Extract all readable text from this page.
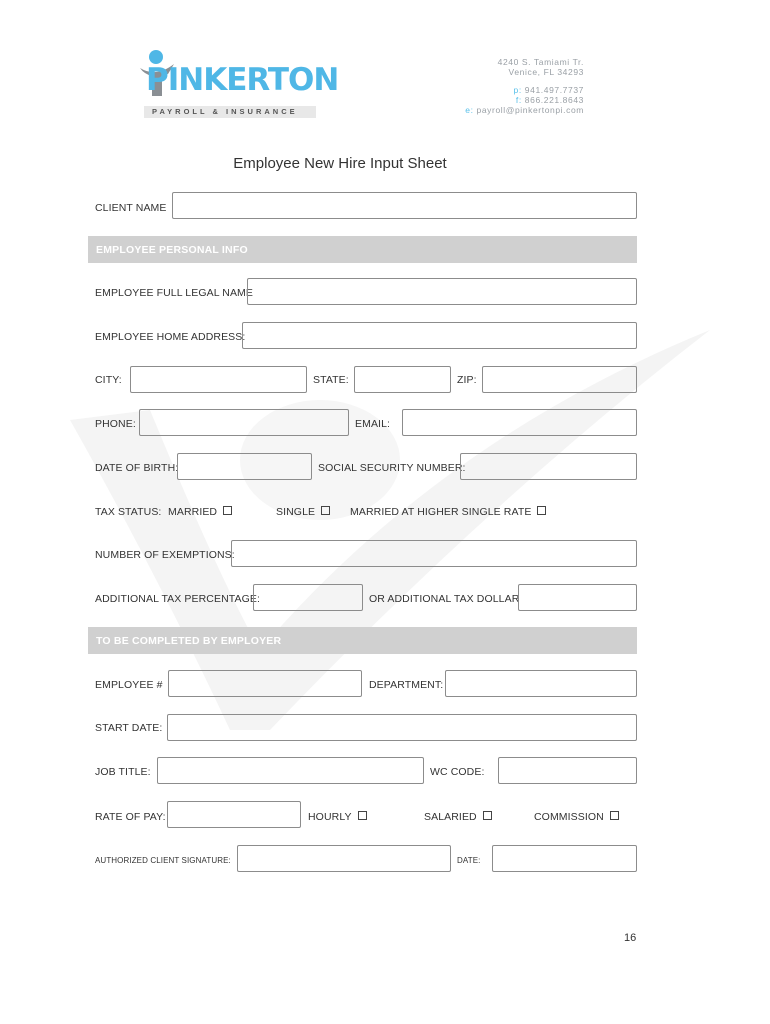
PINKERTON
PAYROLL & INSURANCE
4240 S. Tamiami Tr.
Venice, FL 34293
p: 941.497.7737
f: 866.221.8643
e: payroll@pinkertonpi.com
Employee New Hire Input Sheet
CLIENT NAME
EMPLOYEE PERSONAL INFO
EMPLOYEE FULL LEGAL NAME
EMPLOYEE HOME ADDRESS:
CITY:	STATE:	ZIP:
PHONE:	EMAIL:
DATE OF BIRTH:	SOCIAL SECURITY NUMBER:
TAX STATUS: MARRIED	SINGLE	MARRIED AT HIGHER SINGLE RATE
NUMBER OF EXEMPTIONS:
ADDITIONAL TAX PERCENTAGE:	OR ADDITIONAL TAX DOLLAR
TO BE COMPLETED BY EMPLOYER
EMPLOYEE #	DEPARTMENT:
START DATE:
JOB TITLE:	WC CODE:
RATE OF PAY:	HOURLY	SALARIED	COMMISSION
AUTHORIZED CLIENT SIGNATURE:	DATE:
16
